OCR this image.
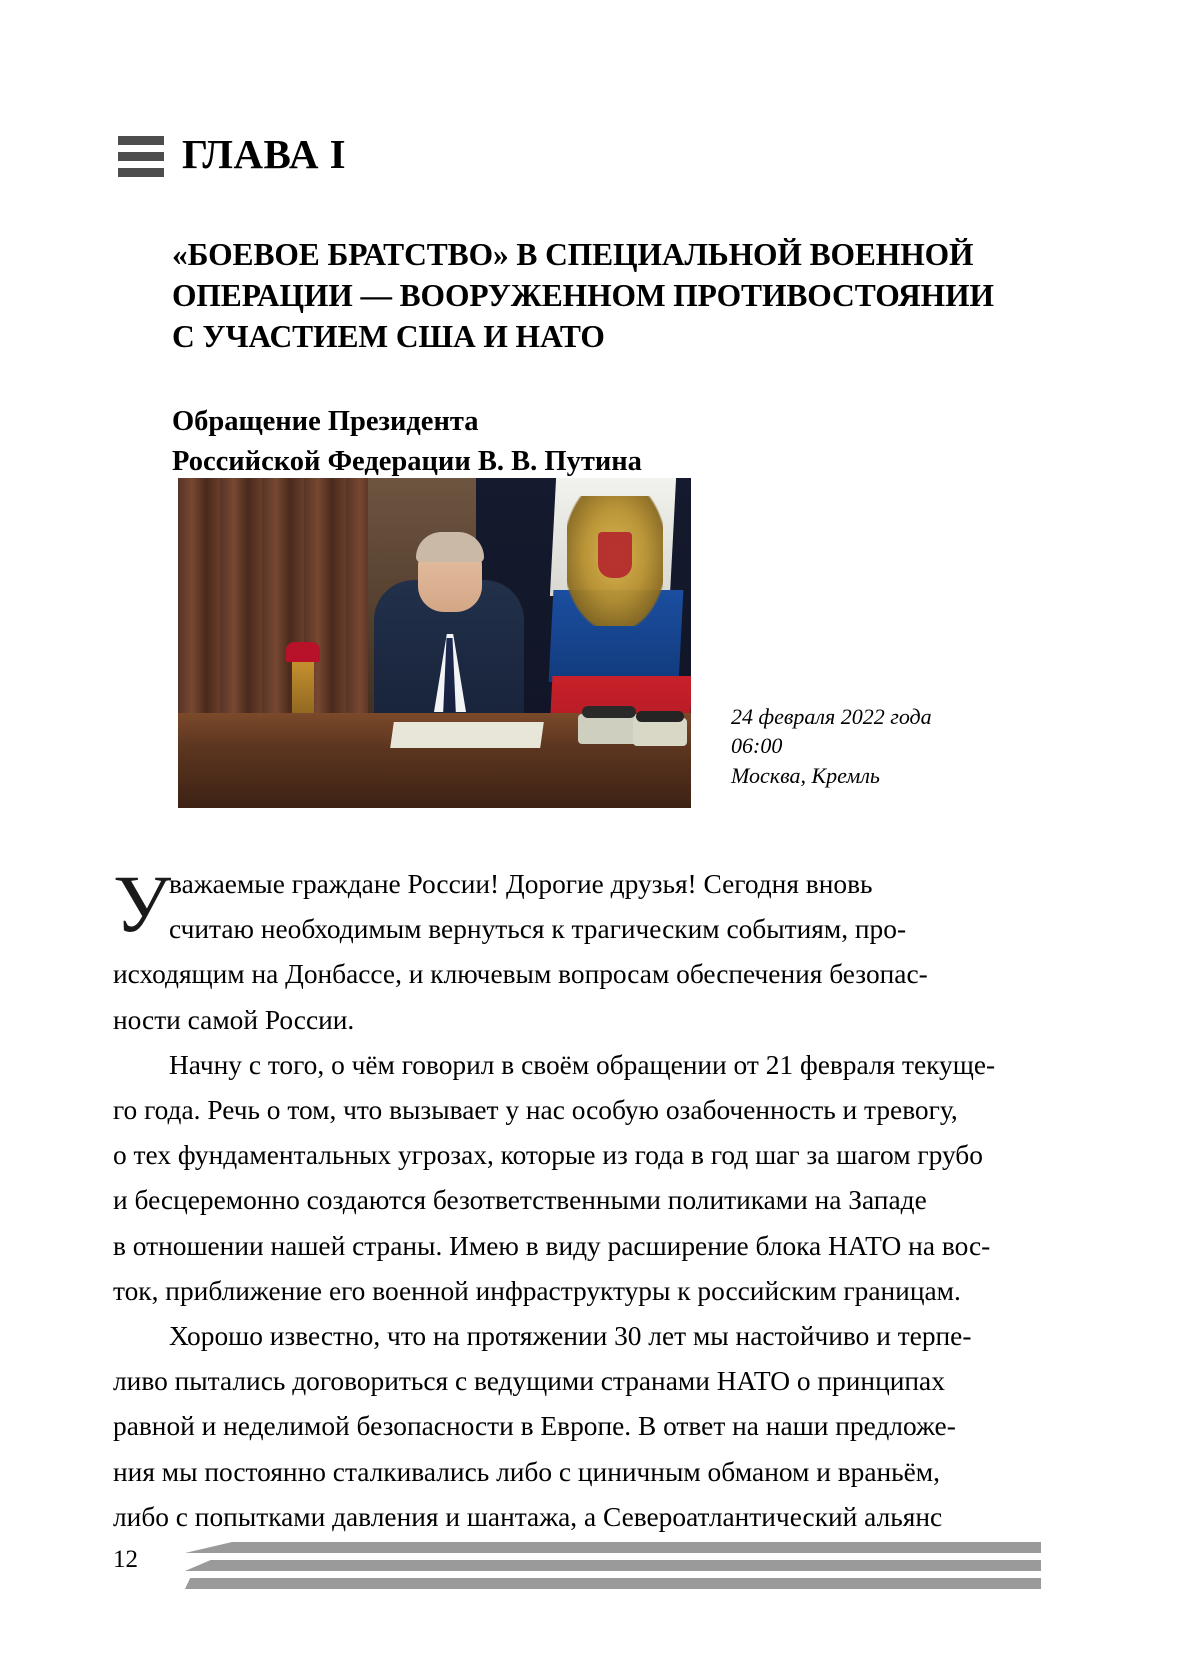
ГЛАВА I
«БОЕВОЕ БРАТСТВО» В СПЕЦИАЛЬНОЙ ВОЕННОЙ
ОПЕРАЦИИ — ВООРУЖЕННОМ ПРОТИВОСТОЯНИИ
С УЧАСТИЕМ США И НАТО
Обращение Президента
Российской Федерации В. В. Путина
24 февраля 2022 года
06:00
Москва, Кремль
У

важаемые граждане России! Дорогие друзья! Сегодня вновь
считаю необходимым вернуться к трагическим событиям, про-
исходящим на Донбассе, и ключевым вопросам обеспечения безопас-
ности самой России.

Начну с того, о чём говорил в своём обращении от 21 февраля текуще-
го года. Речь о том, что вызывает у нас особую озабоченность и тревогу,
о тех фундаментальных угрозах, которые из года в год шаг за шагом грубо
и бесцеремонно создаются безответственными политиками на Западе
в отношении нашей страны. Имею в виду расширение блока НАТО на вос-
ток, приближение его военной инфраструктуры к российским границам.

Хорошо известно, что на протяжении 30 лет мы настойчиво и терпе-
ливо пытались договориться с ведущими странами НАТО о принципах
равной и неделимой безопасности в Европе. В ответ на наши предложе-
ния мы постоянно сталкивались либо с циничным обманом и враньём,
либо с попытками давления и шантажа, а Североатлантический альянс

12
